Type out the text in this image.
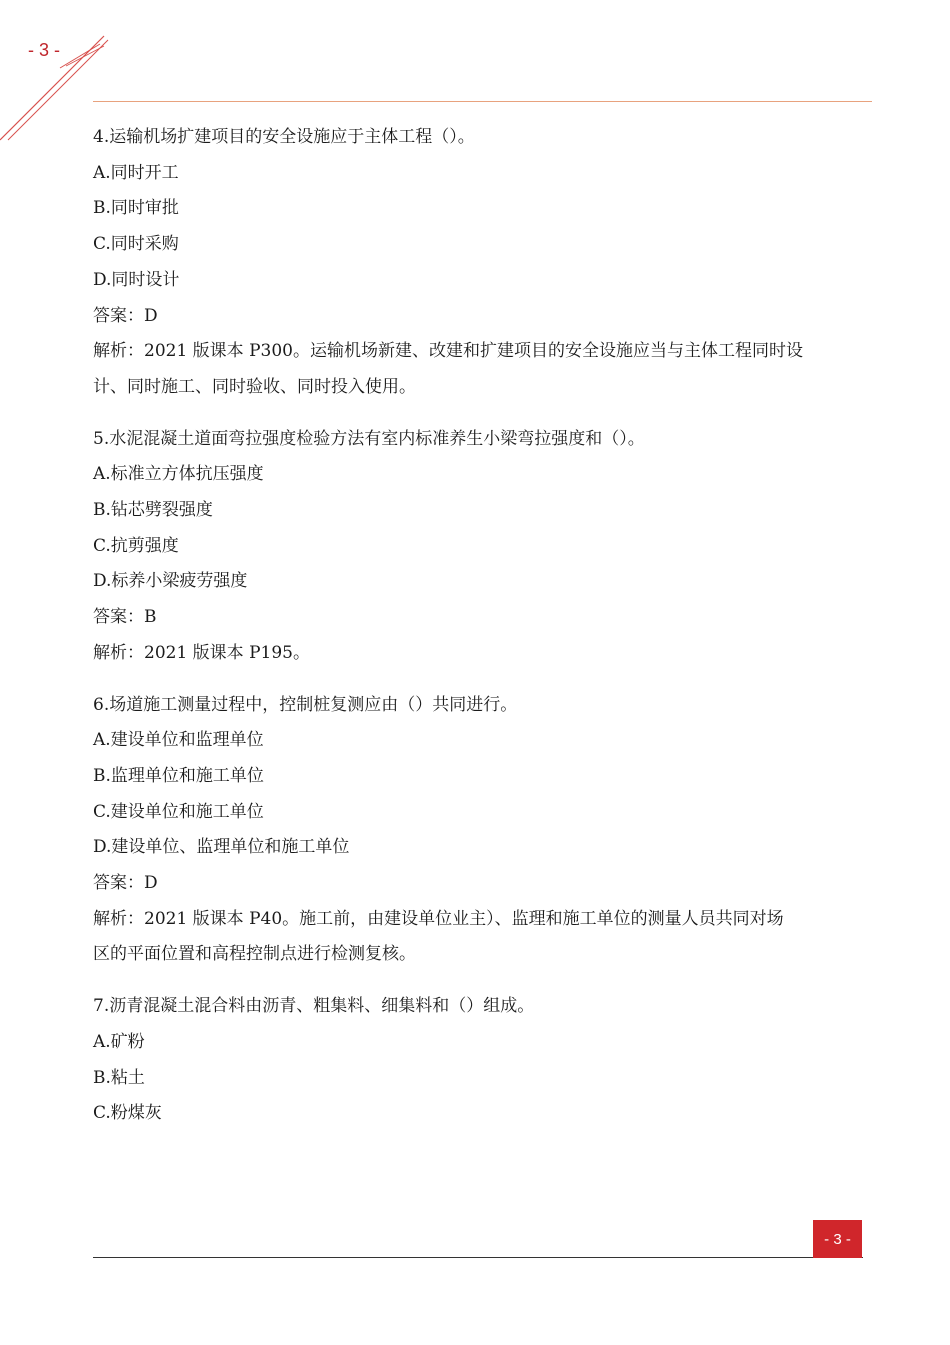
- 3 -
4.运输机场扩建项目的安全设施应于主体工程（）。
A.同时开工
B.同时审批
C.同时采购
D.同时设计
答案：D
解析：2021 版课本 P300。运输机场新建、改建和扩建项目的安全设施应当与主体工程同时设
计、同时施工、同时验收、同时投入使用。
5.水泥混凝土道面弯拉强度检验方法有室内标准养生小梁弯拉强度和（）。
A.标准立方体抗压强度
B.钻芯劈裂强度
C.抗剪强度
D.标养小梁疲劳强度
答案：B
解析：2021 版课本 P195。
6.场道施工测量过程中，控制桩复测应由（）共同进行。
A.建设单位和监理单位
B.监理单位和施工单位
C.建设单位和施工单位
D.建设单位、监理单位和施工单位
答案：D
解析：2021 版课本 P40。施工前，由建设单位业主）、监理和施工单位的测量人员共同对场
区的平面位置和高程控制点进行检测复核。
7.沥青混凝土混合料由沥青、粗集料、细集料和（）组成。
A.矿粉
B.粘土
C.粉煤灰
- 3 -
